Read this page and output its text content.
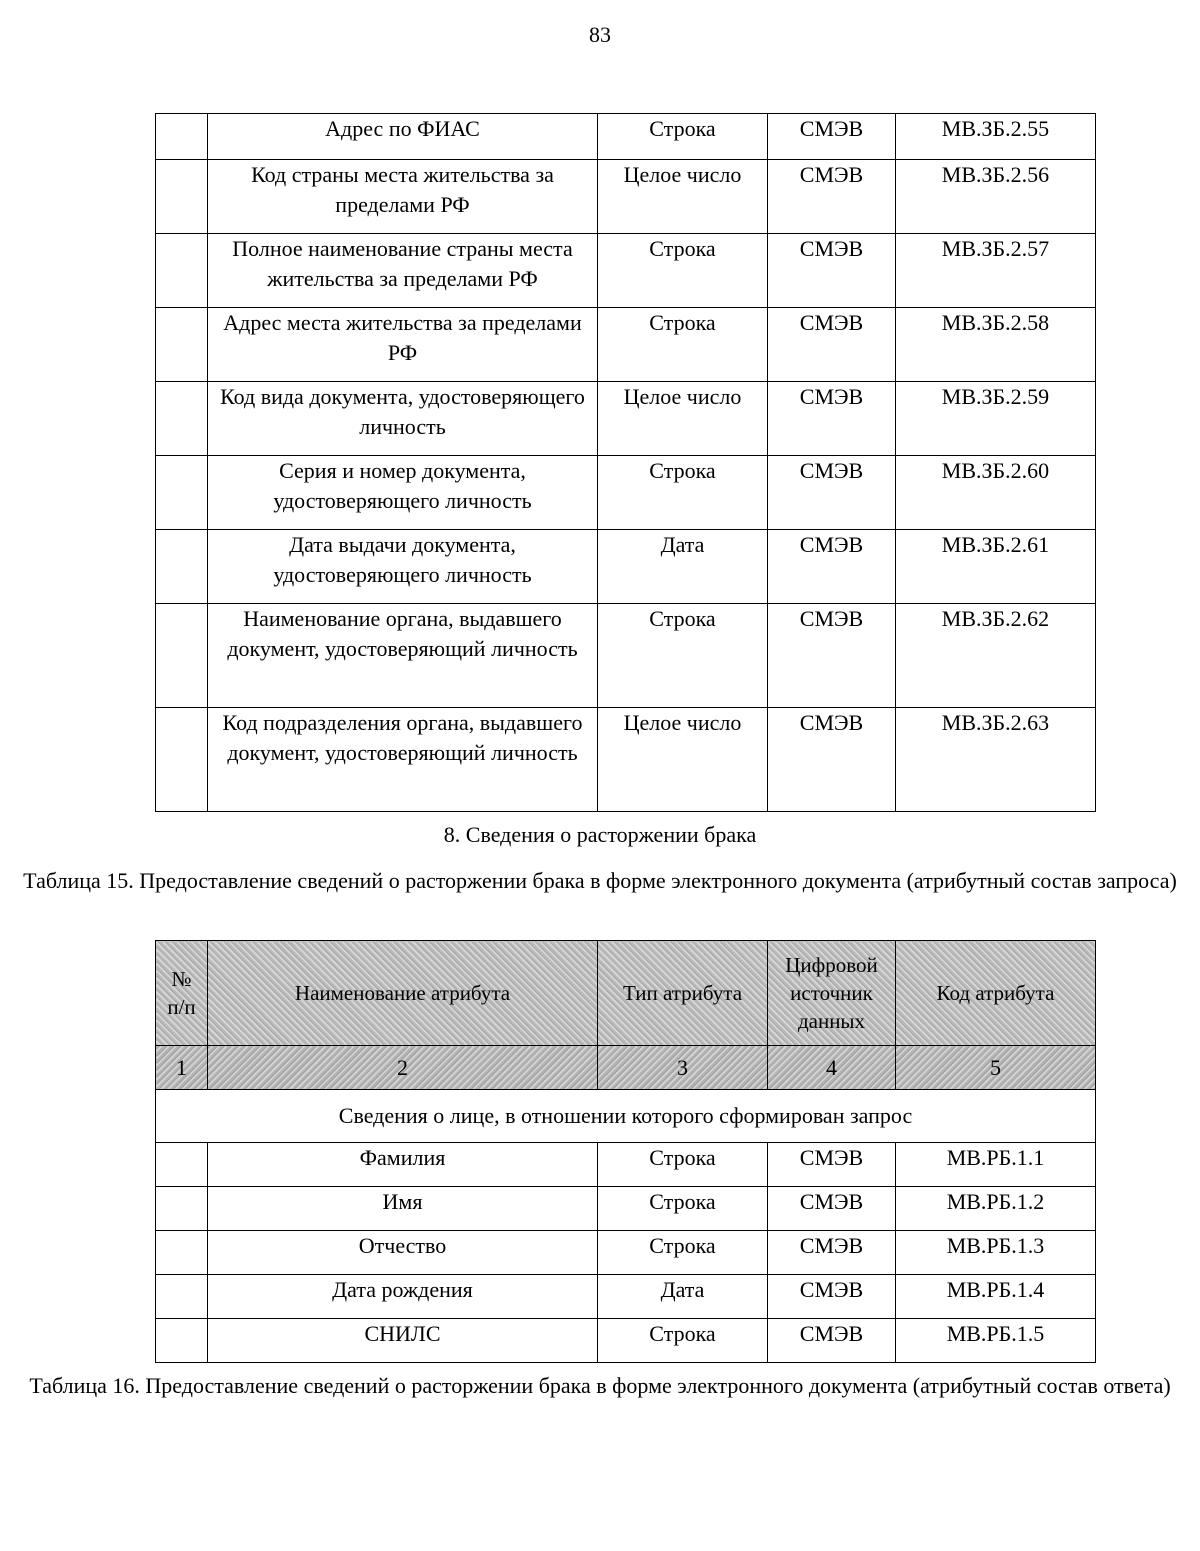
83
	Адрес по ФИАС	Строка	СМЭВ	МВ.ЗБ.2.55
	Код страны места жительства за пределами РФ	Целое число	СМЭВ	МВ.ЗБ.2.56
	Полное наименование страны места жительства за пределами РФ	Строка	СМЭВ	МВ.ЗБ.2.57
	Адрес места жительства за пределами РФ	Строка	СМЭВ	МВ.ЗБ.2.58
	Код вида документа, удостоверяющего личность	Целое число	СМЭВ	МВ.ЗБ.2.59
	Серия и номер документа, удостоверяющего личность	Строка	СМЭВ	МВ.ЗБ.2.60
	Дата выдачи документа, удостоверяющего личность	Дата	СМЭВ	МВ.ЗБ.2.61
	Наименование органа, выдавшего документ, удостоверяющий личность	Строка	СМЭВ	МВ.ЗБ.2.62
	Код подразделения органа, выдавшего документ, удостоверяющий личность	Целое число	СМЭВ	МВ.ЗБ.2.63
8. Сведения о расторжении брака
Таблица 15. Предоставление сведений о расторжении брака в форме электронного документа (атрибутный состав запроса)
№ п/п	Наименование атрибута	Тип атрибута	Цифровой источник данных	Код атрибута
1	2	3	4	5
Сведения о лице, в отношении которого сформирован запрос				
	Фамилия	Строка	СМЭВ	МВ.РБ.1.1
	Имя	Строка	СМЭВ	МВ.РБ.1.2
	Отчество	Строка	СМЭВ	МВ.РБ.1.3
	Дата рождения	Дата	СМЭВ	МВ.РБ.1.4
	СНИЛС	Строка	СМЭВ	МВ.РБ.1.5
Таблица 16. Предоставление сведений о расторжении брака в форме электронного документа (атрибутный состав ответа)
